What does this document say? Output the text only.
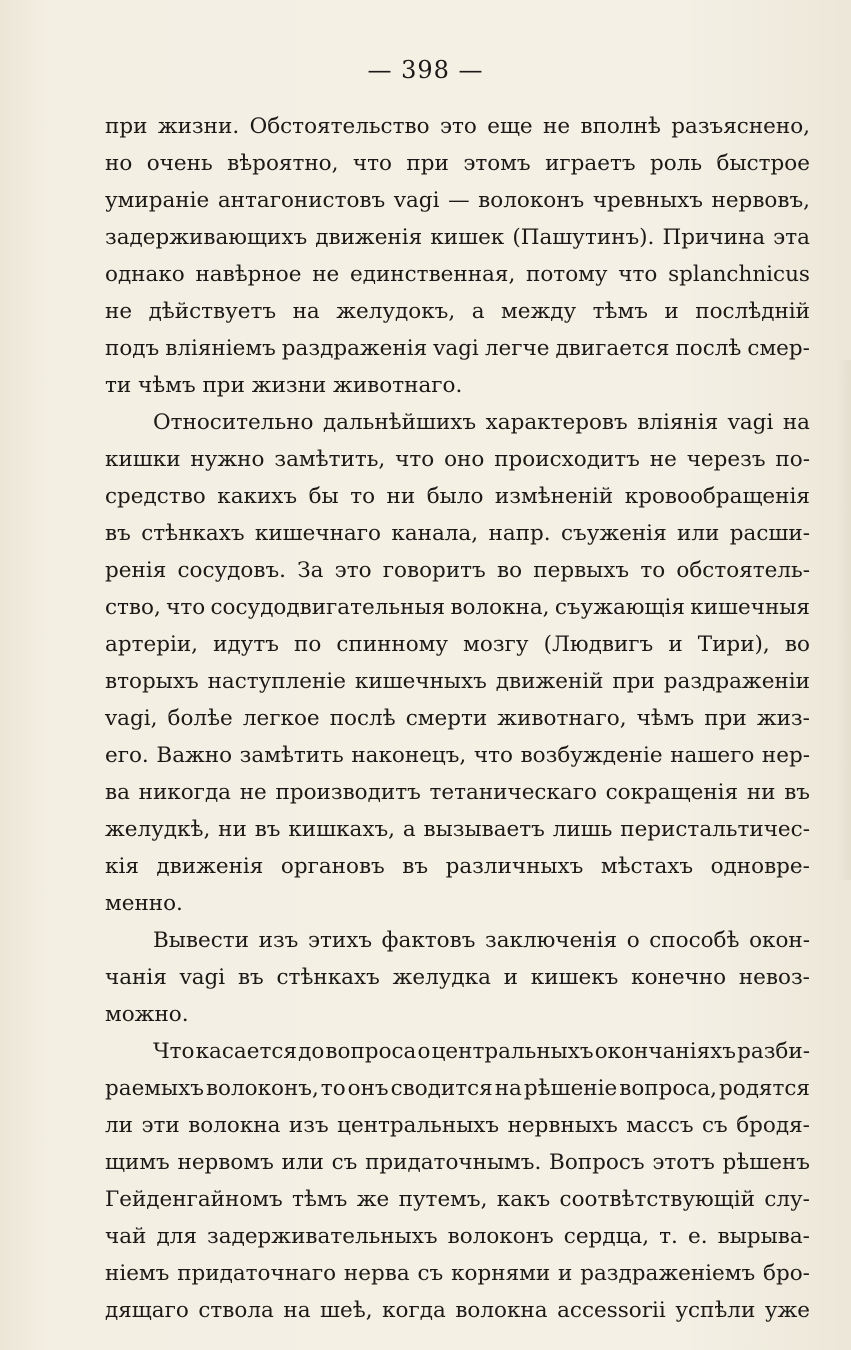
— 398 —
при жизни. Обстоятельство это еще не вполнѣ разъяснено,
но очень вѣроятно, что при этомъ играетъ роль быстрое
умираніе антагонистовъ vagi — волоконъ чревныхъ нервовъ,
задерживающихъ движенія кишек (Пашутинъ). Причина эта
однако навѣрное не единственная, потому что splanchnicus
не дѣйствуетъ на желудокъ, а между тѣмъ и послѣдній
подъ вліяніемъ раздраженія vagi легче двигается послѣ смер-
ти чѣмъ при жизни животнаго.
Относительно дальнѣйшихъ характеровъ вліянія vagi на
кишки нужно замѣтить, что оно происходитъ не черезъ по-
средство какихъ бы то ни было измѣненій кровообращенія
въ стѣнкахъ кишечнаго канала, напр. съуженія или расши-
ренія сосудовъ. За это говоритъ во первыхъ то обстоятель-
ство, что сосудодвигательныя волокна, съужающія кишечныя
артеріи, идутъ по спинному мозгу (Людвигъ и Тири), во
вторыхъ наступленіе кишечныхъ движеній при раздраженіи
vagi, болѣе легкое послѣ смерти животнаго, чѣмъ при жиз-
его. Важно замѣтить наконецъ, что возбужденіе нашего нер-
ва никогда не производитъ тетаническаго сокращенія ни въ
желудкѣ, ни въ кишкахъ, а вызываетъ лишь перистальтичес-
кія движенія органовъ въ различныхъ мѣстахъ одновре-
менно.
Вывести изъ этихъ фактовъ заключенія о способѣ окон-
чанія vagi въ стѣнкахъ желудка и кишекъ конечно невоз-
можно.
Что касается до вопроса о центральныхъ окончаніяхъ разби-
раемыхъ волоконъ, то онъ сводится на рѣшеніе вопроса, родятся
ли эти волокна изъ центральныхъ нервныхъ массъ съ бродя-
щимъ нервомъ или съ придаточнымъ. Вопросъ этотъ рѣшенъ
Гейденгайномъ тѣмъ же путемъ, какъ соотвѣтствующій слу-
чай для задерживательныхъ волоконъ сердца, т. е. вырыва-
ніемъ придаточнаго нерва съ корнями и раздраженіемъ бро-
дящаго ствола на шеѣ, когда волокна accessorii успѣли уже
